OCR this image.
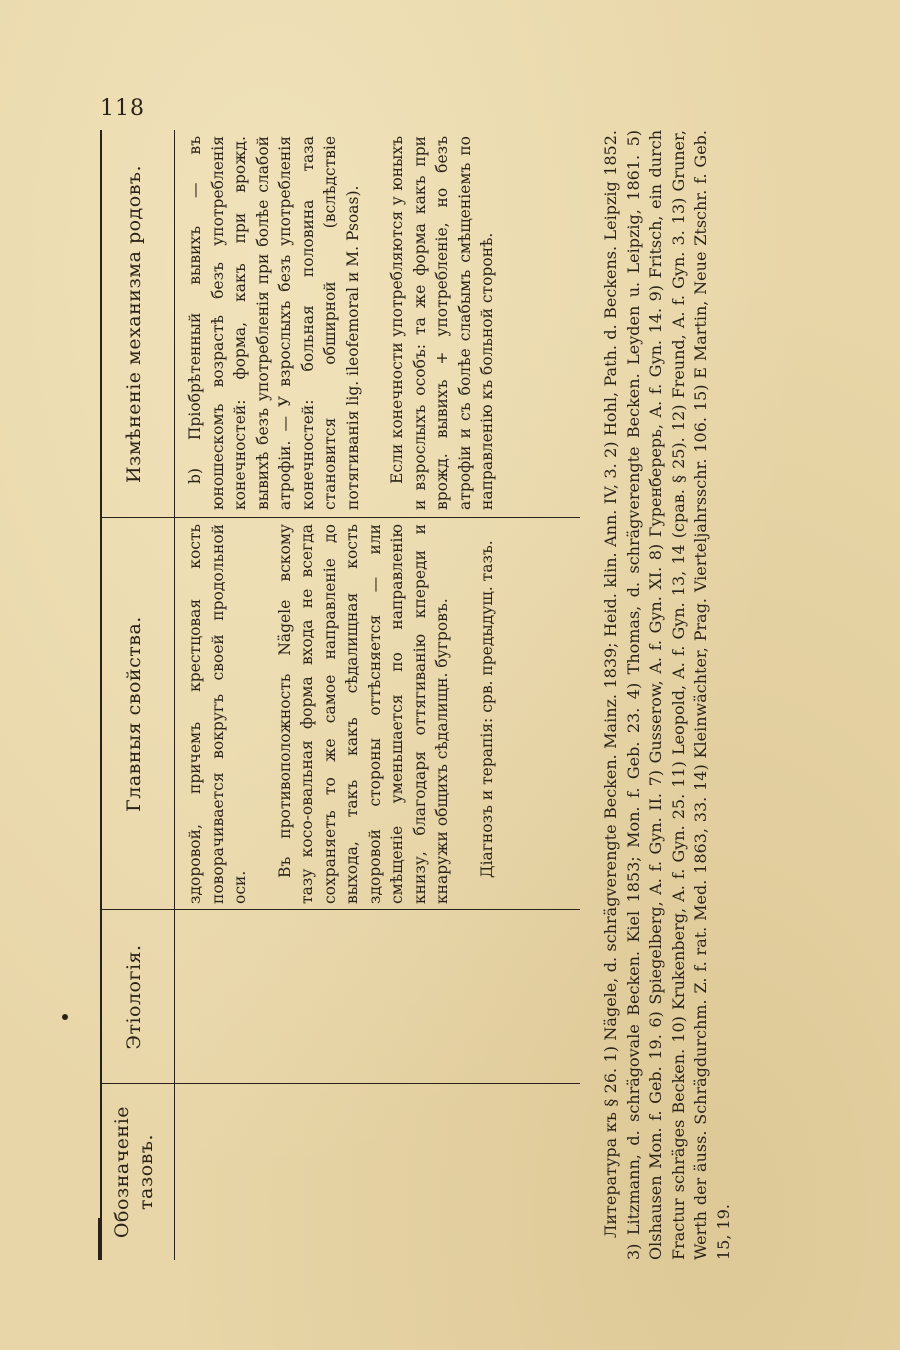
118
Обозначеніе тазовъ.
Этіологія.
Главныя свойства.
Измѣненіе механизма родовъ.

здоровой, причемъ крестцовая кость поворачивается вокругъ своей продольной оси.

Въ противоположность Nägele вскому тазу косо-овальная форма входа не всегда сохраняетъ то же самое направленіе до выхода, такъ какъ сѣдалищная кость здоровой стороны оттѣсняется — или смѣщеніе уменьшается по направленію книзу, благодаря оттягиванію кпереди и кнаружи общихъ сѣдалищн. бугровъ. Діагнозъ и терапія: срв. предыдущ. тазъ.

b) Пріобрѣтенный вывихъ — въ юношескомъ возрастѣ безъ употребленія конечностей: форма, какъ при врожд. вывихѣ безъ употребленія при болѣе слабой атрофіи. — У взрослыхъ безъ употребленія конечностей: больная половина таза становится обширной (вслѣдствіе потягиванія lig. ileofemoral и M. Psoas). Если конечности употребляются у юныхъ и взрослыхъ особъ: та же форма какъ при врожд. вывихъ + употребленіе, но безъ атрофіи и съ болѣе слабымъ смѣщеніемъ по направленію къ больной сторонѣ.	Литература къ § 26. 1) Nägele, d. schrägverengte Becken. Mainz. 1839; Heid. klin. Ann. IV, 3. 2) Hohl, Path. d. Beckens. Leipzig 1852. 3) Litzmann, d. schrägovale Becken. Kiel 1853; Mon. f. Geb. 23. 4) Thomas, d. schrägverengte Becken. Leyden u. Leipzig, 1861. 5) Olshausen Mon. f. Geb. 19. 6) Spiegelberg, A. f. Gyn. II. 7) Gusserow, A. f. Gyn. XI. 8) Гуренберерь, A. f. Gyn. 14. 9) Fritsch, ein durch Fractur schräges Becken. 10) Krukenberg, A. f. Gyn. 25. 11) Leopold, A. f. Gyn. 13, 14 (срав. § 25). 12) Freund, A. f. Gyn. 3. 13) Gruner, Werth der äuss. Schrägdurchm. Z. f. rat. Med. 1863, 33. 14) Kleinwächter, Prag. Vierteljahrsschr. 106. 15) E Martin, Neue Ztschr. f. Geb. 15, 19.
